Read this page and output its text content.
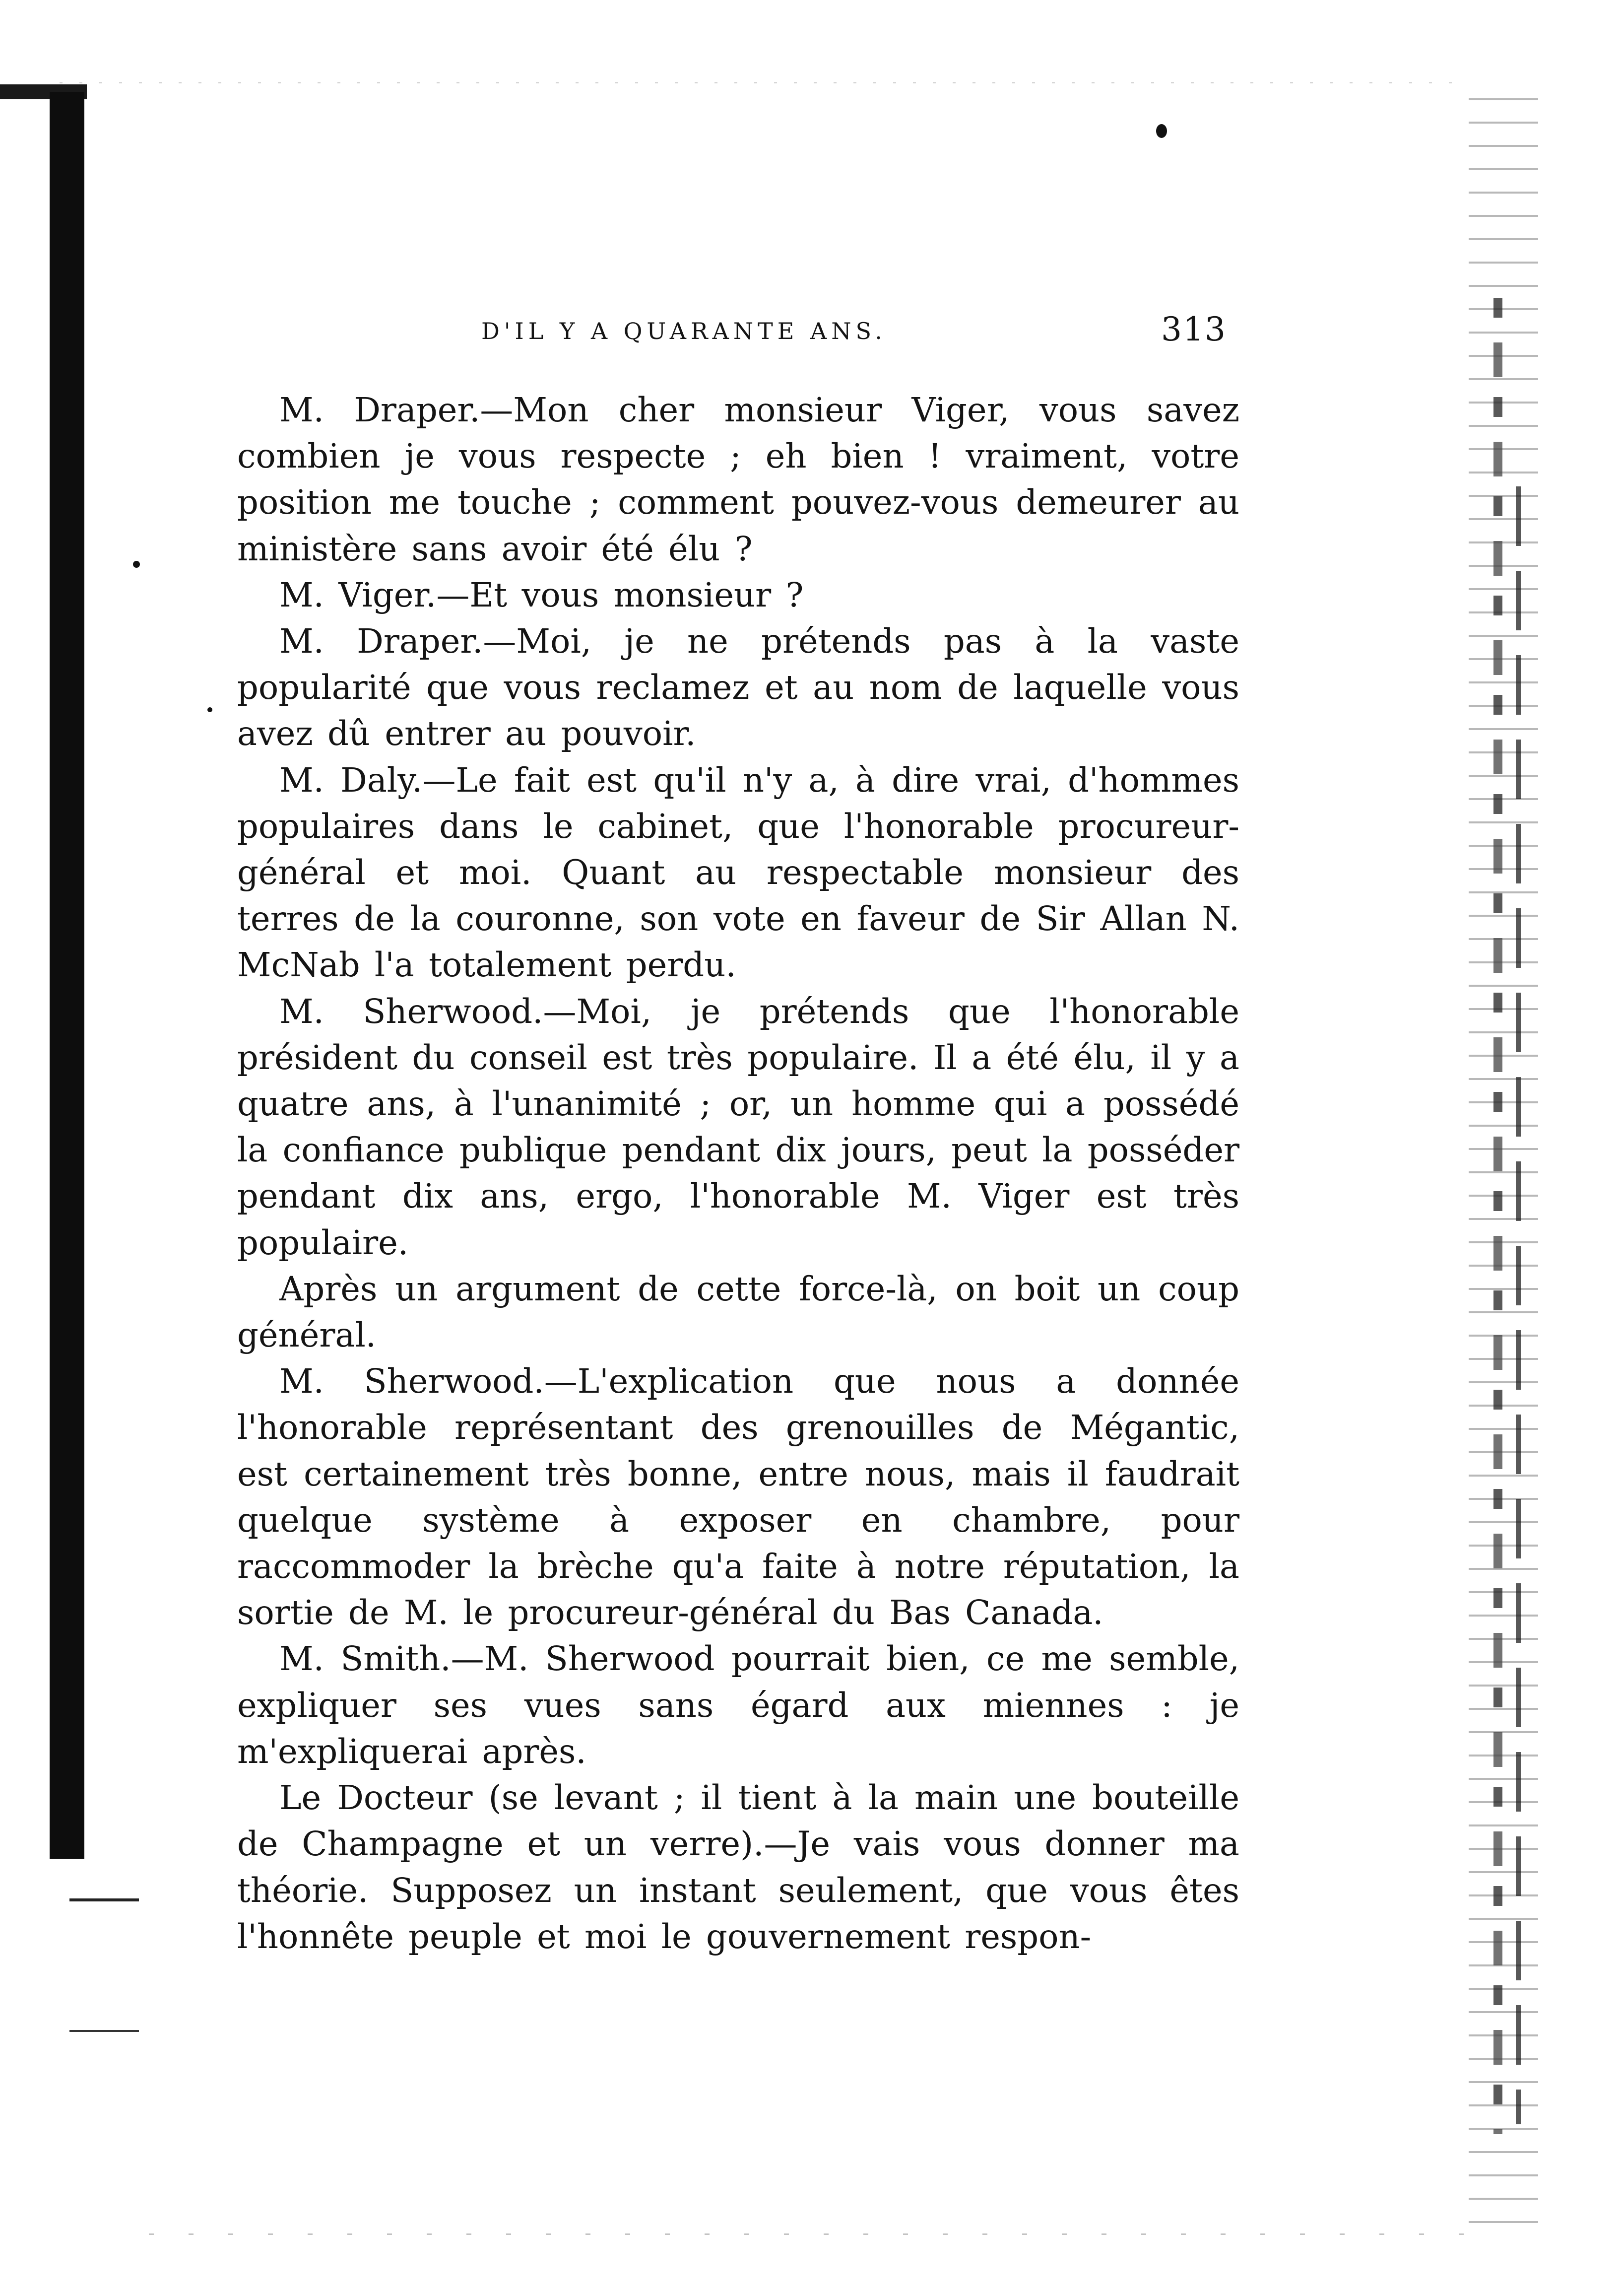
D'IL Y A QUARANTE ANS.	313

M. Draper.—Mon cher monsieur Viger, vous savez combien je vous respecte ; eh bien ! vraiment, votre position me touche ; comment pouvez-vous demeurer au ministère sans avoir été élu ?

M. Viger.—Et vous monsieur ?

M. Draper.—Moi, je ne prétends pas à la vaste popularité que vous reclamez et au nom de laquelle vous avez dû entrer au pouvoir.

M. Daly.—Le fait est qu'il n'y a, à dire vrai, d'hommes populaires dans le cabinet, que l'honorable procureur-général et moi. Quant au respectable monsieur des terres de la couronne, son vote en faveur de Sir Allan N. McNab l'a totalement perdu.

M. Sherwood.—Moi, je prétends que l'honorable président du conseil est très populaire. Il a été élu, il y a quatre ans, à l'unanimité ; or, un homme qui a possédé la confiance publique pendant dix jours, peut la posséder pendant dix ans, ergo, l'honorable M. Viger est très populaire.

Après un argument de cette force-là, on boit un coup général.

M. Sherwood.—L'explication que nous a donnée l'honorable représentant des grenouilles de Mégantic, est certainement très bonne, entre nous, mais il faudrait quelque système à exposer en chambre, pour raccommoder la brèche qu'a faite à notre réputation, la sortie de M. le procureur-général du Bas Canada.

M. Smith.—M. Sherwood pourrait bien, ce me semble, expliquer ses vues sans égard aux miennes : je m'expliquerai après.

Le Docteur (se levant ; il tient à la main une bouteille de Champagne et un verre).—Je vais vous donner ma théorie. Supposez un instant seulement, que vous êtes l'honnête peuple et moi le gouvernement respon-
